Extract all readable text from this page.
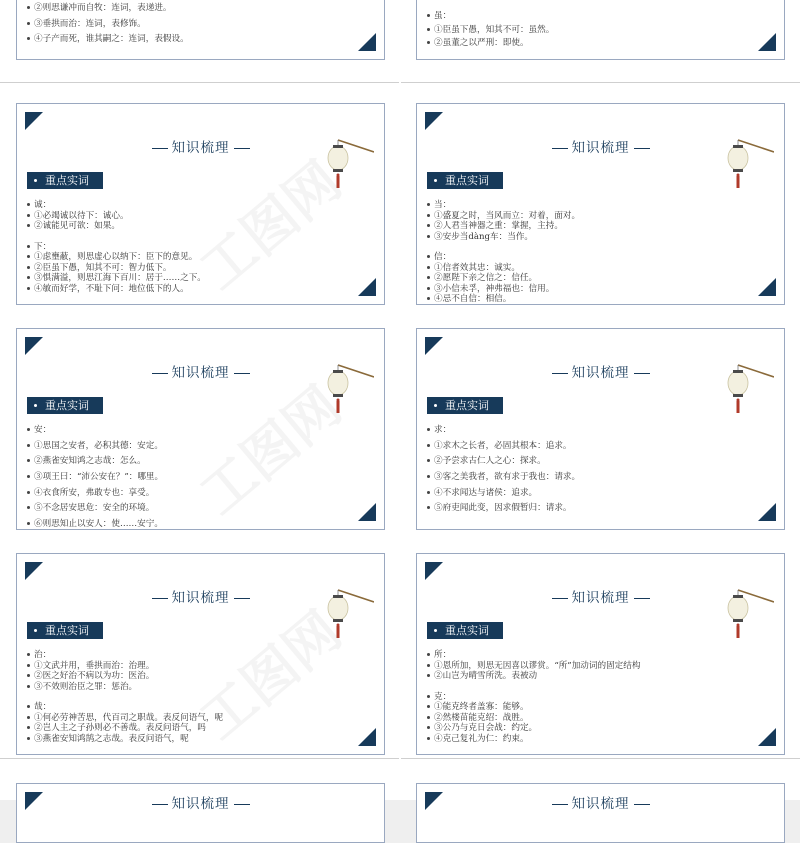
②则思谦冲而自牧：连词，表递进。
③垂拱而治：连词，表修饰。
④子产而死，谁其嗣之：连词，表假设。
虽：
①臣虽下愚，知其不可：虽然。
②虽董之以严刑：即使。
知识梳理
重点实词
诚：
①必竭诚以待下：诚心。
②诚能见可欲：如果。
下：
①虑壅蔽，则思虚心以纳下：臣下的意见。
②臣虽下愚，知其不可：智力低下。
③惧满溢，则思江海下百川：居于……之下。
④敏而好学，不耻下问：地位低下的人。 工图网
知识梳理
重点实词
当：
①盛夏之时，当风而立：对着，面对。
②人君当神器之重：掌握，主持。
③安步当dàng车：当作。
信：
①信者效其忠：诚实。
②愿陛下亲之信之：信任。
③小信未孚，神弗福也：信用。
④忌不自信：相信。
知识梳理
重点实词
安：
①思国之安者，必积其德：安定。
②燕雀安知鸿之志哉：怎么。
③项王曰：“沛公安在？”：哪里。
④衣食所安，弗敢专也：享受。
⑤不念居安思危：安全的环境。
⑥则思知止以安人：使……安宁。 工图网
知识梳理
重点实词
求：
①求木之长者，必固其根本：追求。
②予尝求古仁人之心：探求。
③客之美我者，欲有求于我也：请求。
④不求闻达与诸侯：追求。
⑤府吏闻此变，因求假暂归：请求。
知识梳理
重点实词
治：
①文武并用，垂拱而治：治理。
②医之好治不病以为功：医治。
③不效则治臣之罪：惩治。
哉：
①何必劳神苦思，代百司之职哉。表反问语气，呢
②岂人主之子孙则必不善哉。表反问语气，吗
③燕雀安知鸿鹄之志哉。表反问语气，呢 工图网
知识梳理
重点实词
所：
①恩所加，则思无因喜以谬赏。“所”加动词的固定结构
②山岂为晴雪所洗。表被动
克：
①能克终者盖寡：能够。
②然楼苗能克绍：战胜。
③公乃与克日会战：约定。
④克己复礼为仁：约束。
知识梳理	知识梳理
